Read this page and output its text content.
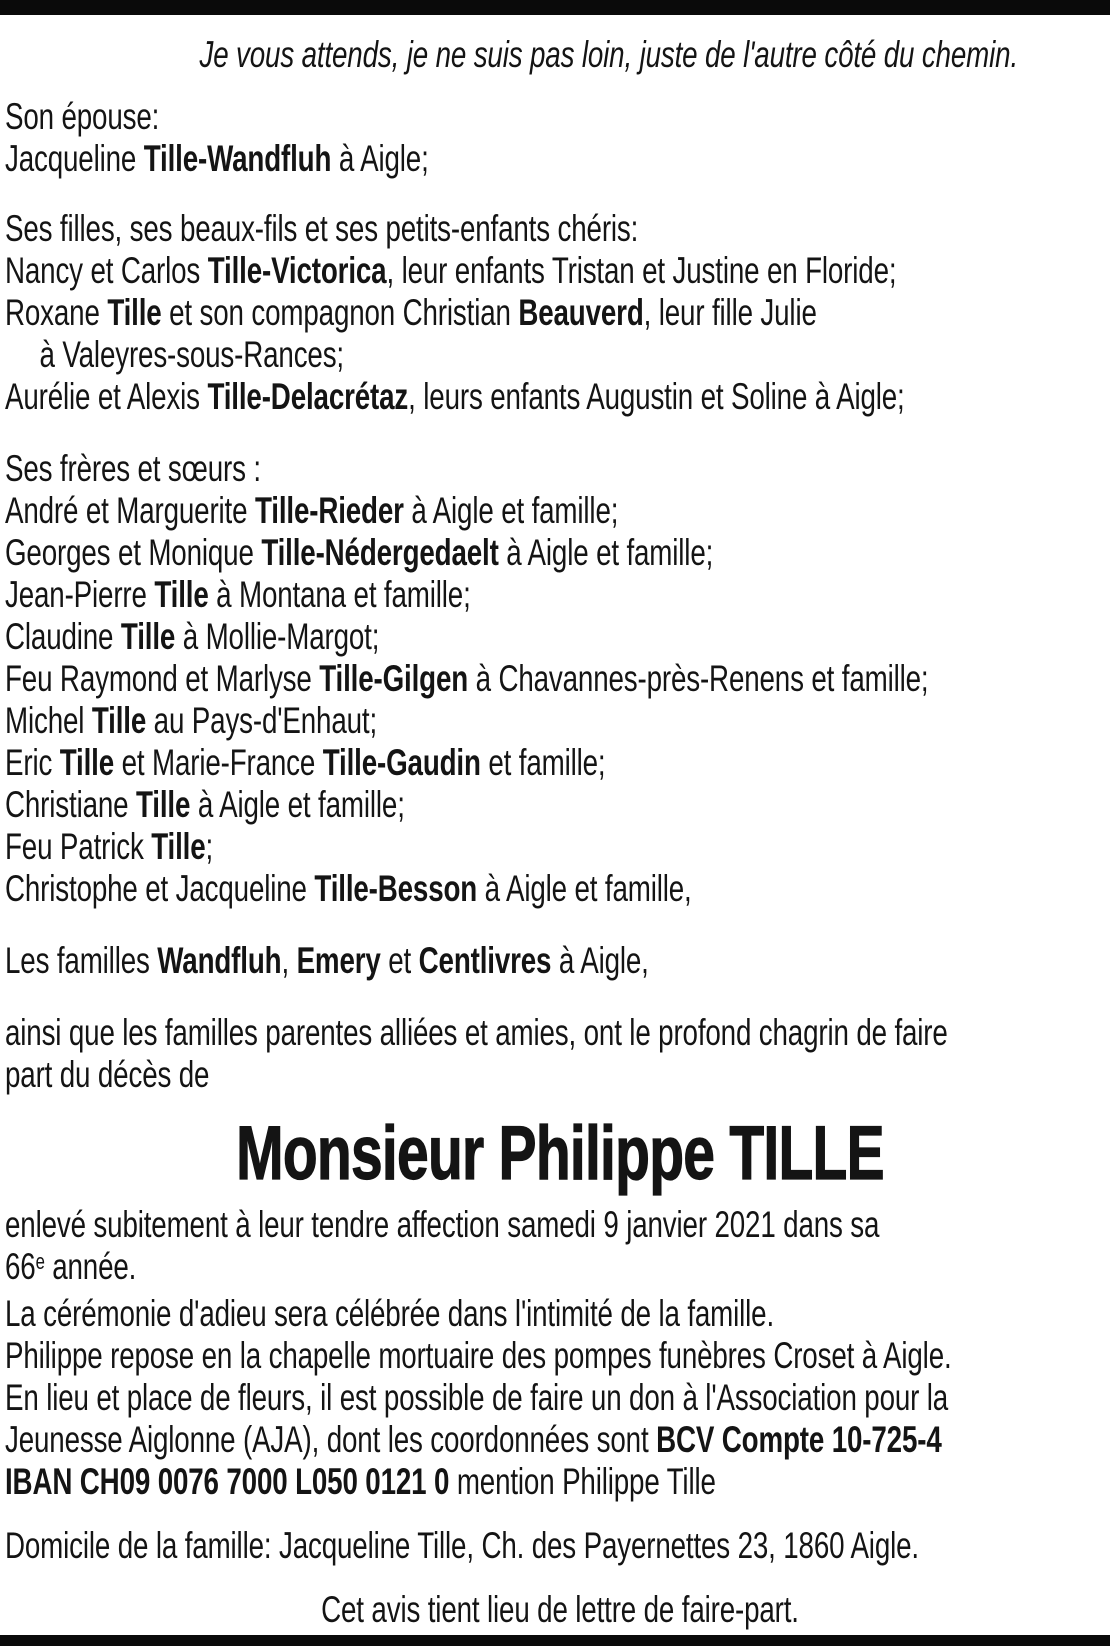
Je vous attends, je ne suis pas loin, juste de l'autre côté du chemin.
Son épouse:
Jacqueline Tille-Wandfluh à Aigle;
Ses filles, ses beaux-fils et ses petits-enfants chéris:
Nancy et Carlos Tille-Victorica, leur enfants Tristan et Justine en Floride;
Roxane Tille et son compagnon Christian Beauverd, leur fille Julie
à Valeyres-sous-Rances;
Aurélie et Alexis Tille-Delacrétaz, leurs enfants Augustin et Soline à Aigle;
Ses frères et sœurs :
André et Marguerite Tille-Rieder à Aigle et famille;
Georges et Monique Tille-Nédergedaelt à Aigle et famille;
Jean-Pierre Tille à Montana et famille;
Claudine Tille à Mollie-Margot;
Feu Raymond et Marlyse Tille-Gilgen à Chavannes-près-Renens et famille;
Michel Tille au Pays-d'Enhaut;
Eric Tille et Marie-France Tille-Gaudin et famille;
Christiane Tille à Aigle et famille;
Feu Patrick Tille;
Christophe et Jacqueline Tille-Besson à Aigle et famille,
Les familles Wandfluh, Emery et Centlivres à Aigle,
ainsi que les familles parentes alliées et amies, ont le profond chagrin de faire
part du décès de
Monsieur Philippe TILLE
enlevé subitement à leur tendre affection samedi 9 janvier 2021 dans sa
66e année.
La cérémonie d'adieu sera célébrée dans l'intimité de la famille.
Philippe repose en la chapelle mortuaire des pompes funèbres Croset à Aigle.
En lieu et place de fleurs, il est possible de faire un don à l'Association pour la
Jeunesse Aiglonne (AJA), dont les coordonnées sont BCV Compte 10-725-4
IBAN CH09 0076 7000 L050 0121 0 mention Philippe Tille
Domicile de la famille: Jacqueline Tille, Ch. des Payernettes 23, 1860 Aigle.
Cet avis tient lieu de lettre de faire-part.
